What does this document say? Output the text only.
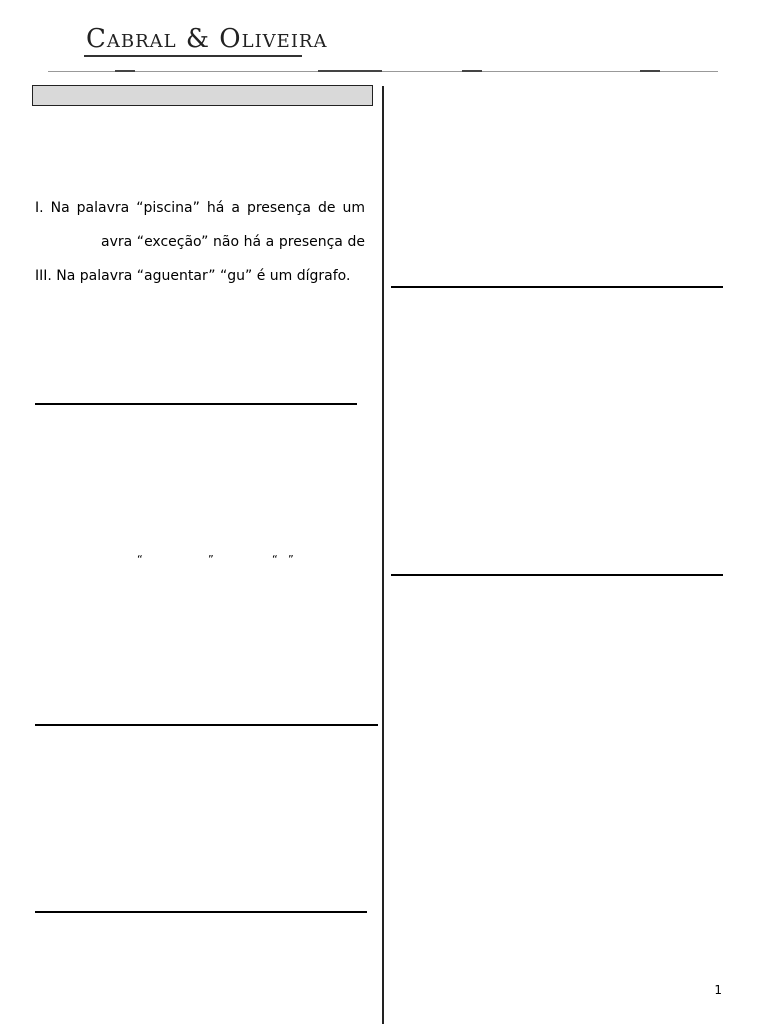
Cabral & Oliveira
I. Na palavra “piscina” há a presença de um
avra “exceção” não há a presença de
III. Na palavra “aguentar” “gu” é um dígrafo.
“	”	“ ”
1
